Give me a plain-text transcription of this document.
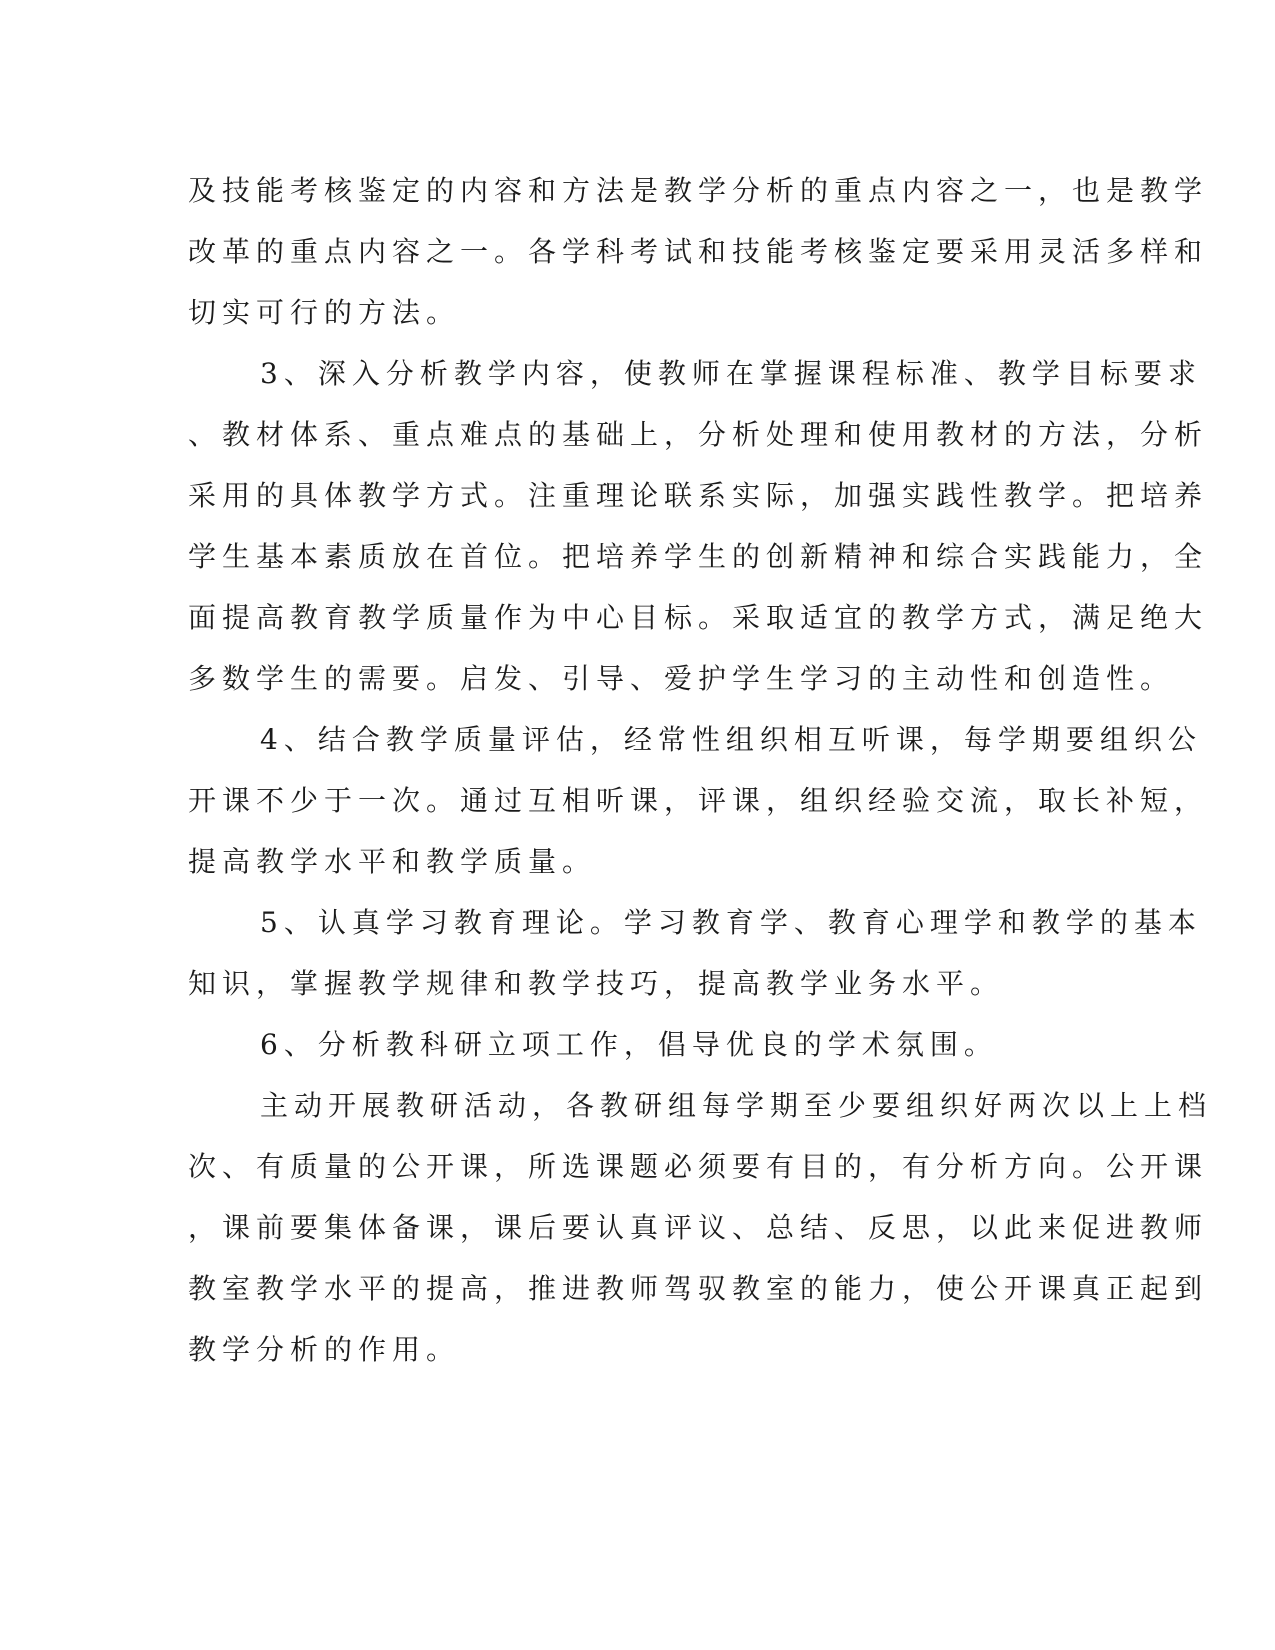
及技能考核鉴定的内容和方法是教学分析的重点内容之一，也是教学
改革的重点内容之一。各学科考试和技能考核鉴定要采用灵活多样和
切实可行的方法。
3、深入分析教学内容，使教师在掌握课程标准、教学目标要求
、教材体系、重点难点的基础上，分析处理和使用教材的方法，分析
采用的具体教学方式。注重理论联系实际，加强实践性教学。把培养
学生基本素质放在首位。把培养学生的创新精神和综合实践能力，全
面提高教育教学质量作为中心目标。采取适宜的教学方式，满足绝大
多数学生的需要。启发、引导、爱护学生学习的主动性和创造性。
4、结合教学质量评估，经常性组织相互听课，每学期要组织公
开课不少于一次。通过互相听课，评课，组织经验交流，取长补短，
提高教学水平和教学质量。
5、认真学习教育理论。学习教育学、教育心理学和教学的基本
知识，掌握教学规律和教学技巧，提高教学业务水平。
6、分析教科研立项工作，倡导优良的学术氛围。
主动开展教研活动，各教研组每学期至少要组织好两次以上上档
次、有质量的公开课，所选课题必须要有目的，有分析方向。公开课
，课前要集体备课，课后要认真评议、总结、反思，以此来促进教师
教室教学水平的提高，推进教师驾驭教室的能力，使公开课真正起到
教学分析的作用。
